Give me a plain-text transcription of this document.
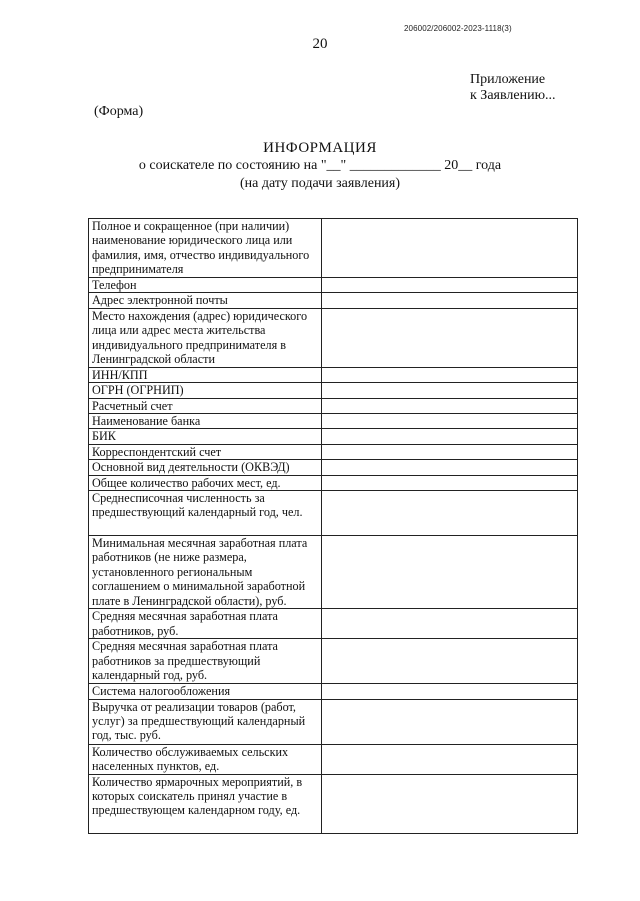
206002/206002-2023-1118(3)
20
Приложение
к Заявлению...
(Форма)
ИНФОРМАЦИЯ
о соискателе по состоянию на "__" _____________ 20__ года
(на дату подачи заявления)
Полное и сокращенное (при наличии) наименование юридического лица или фамилия, имя, отчество индивидуального предпринимателя	
Телефон	
Адрес электронной почты	
Место нахождения (адрес) юридического лица или адрес места жительства индивидуального предпринимателя в Ленинградской области	
ИНН/КПП	
ОГРН (ОГРНИП)	
Расчетный счет	
Наименование банка	
БИК	
Корреспондентский счет	
Основной вид деятельности (ОКВЭД)	
Общее количество рабочих мест, ед.	
Среднесписочная численность за предшествующий календарный год, чел.	
Минимальная месячная заработная плата работников (не ниже размера, установленного региональным соглашением о минимальной заработной плате в Ленинградской области), руб.	
Средняя месячная заработная плата работников, руб.	
Средняя месячная заработная плата работников за предшествующий календарный год, руб.	
Система налогообложения	
Выручка от реализации товаров (работ, услуг) за предшествующий календарный год, тыс. руб.	
Количество обслуживаемых сельских населенных пунктов, ед.	
Количество ярмарочных мероприятий, в которых соискатель принял участие в предшествующем календарном году, ед.	
